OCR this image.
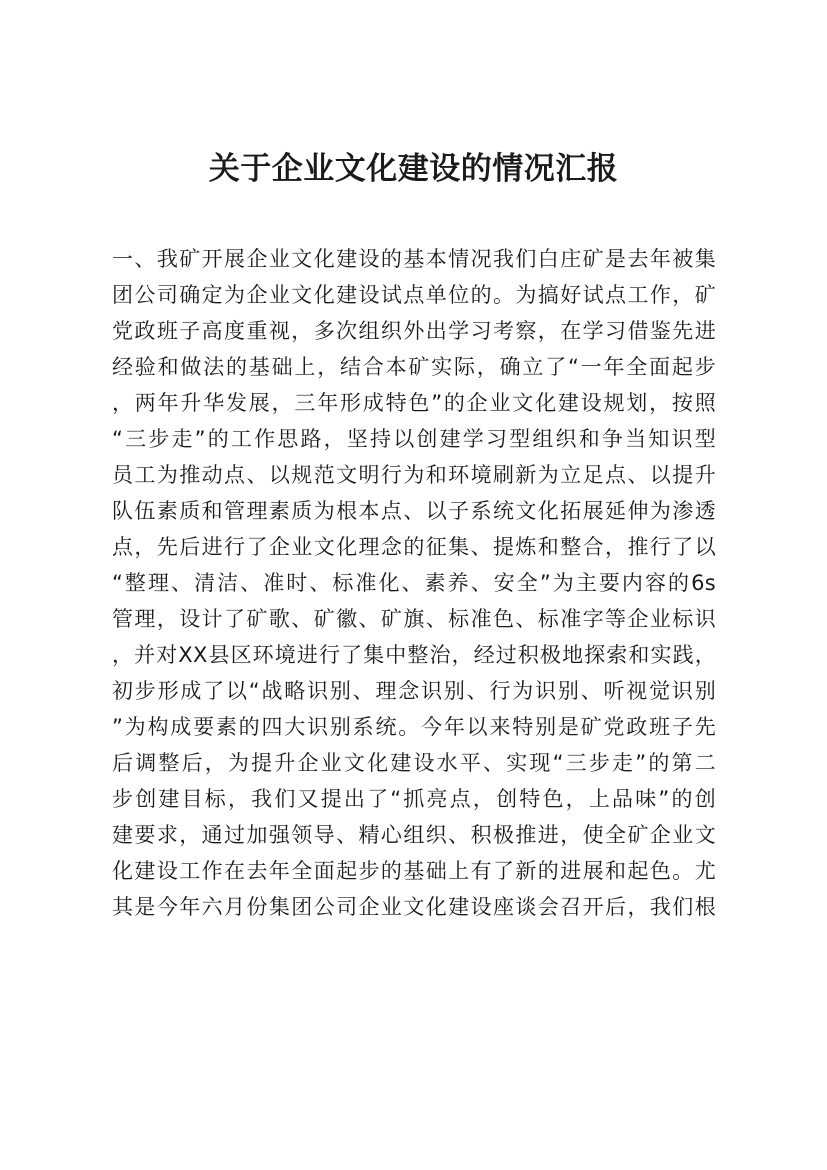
关于企业文化建设的情况汇报
一、我矿开展企业文化建设的基本情况我们白庄矿是去年被集
团公司确定为企业文化建设试点单位的。为搞好试点工作，矿
党政班子高度重视，多次组织外出学习考察，在学习借鉴先进
经验和做法的基础上，结合本矿实际，确立了“一年全面起步
，两年升华发展，三年形成特色”的企业文化建设规划，按照
“三步走”的工作思路，坚持以创建学习型组织和争当知识型
员工为推动点、以规范文明行为和环境刷新为立足点、以提升
队伍素质和管理素质为根本点、以子系统文化拓展延伸为渗透
点，先后进行了企业文化理念的征集、提炼和整合，推行了以
“整理、清洁、准时、标准化、素养、安全”为主要内容的6s
管理，设计了矿歌、矿徽、矿旗、标准色、标准字等企业标识
，并对XX县区环境进行了集中整治，经过积极地探索和实践，
初步形成了以“战略识别、理念识别、行为识别、听视觉识别
”为构成要素的四大识别系统。今年以来特别是矿党政班子先
后调整后，为提升企业文化建设水平、实现“三步走”的第二
步创建目标，我们又提出了“抓亮点，创特色，上品味”的创
建要求，通过加强领导、精心组织、积极推进，使全矿企业文
化建设工作在去年全面起步的基础上有了新的进展和起色。尤
其是今年六月份集团公司企业文化建设座谈会召开后，我们根
